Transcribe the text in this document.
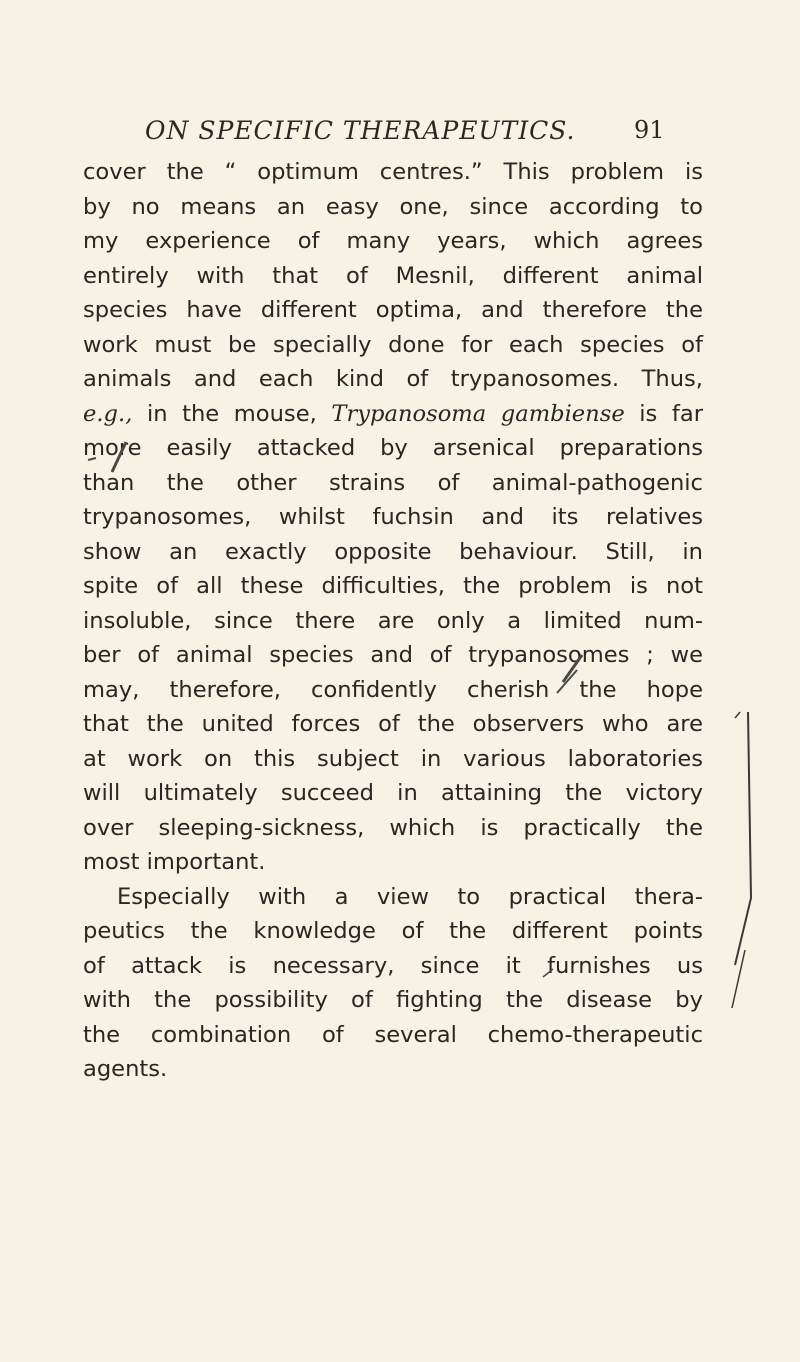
ON SPECIFIC THERAPEUTICS. 91
cover the “ optimum centres.” This problem is
by no means an easy one, since according to
my experience of many years, which agrees
entirely with that of Mesnil, different animal
species have different optima, and therefore the
work must be specially done for each species of
animals and each kind of trypanosomes. Thus,
e.g., in the mouse, Trypanosoma gambiense is far
more easily attacked by arsenical preparations
than the other strains of animal-pathogenic
trypanosomes, whilst fuchsin and its relatives
show an exactly opposite behaviour. Still, in
spite of all these difficulties, the problem is not
insoluble, since there are only a limited num-
ber of animal species and of trypanosomes ; we
may, therefore, confidently cherish the hope
that the united forces of the observers who are
at work on this subject in various laboratories
will ultimately succeed in attaining the victory
over sleeping-sickness, which is practically the
most important.
Especially with a view to practical thera-
peutics the knowledge of the different points
of attack is necessary, since it furnishes us
with the possibility of fighting the disease by
the combination of several chemo-therapeutic
agents.
